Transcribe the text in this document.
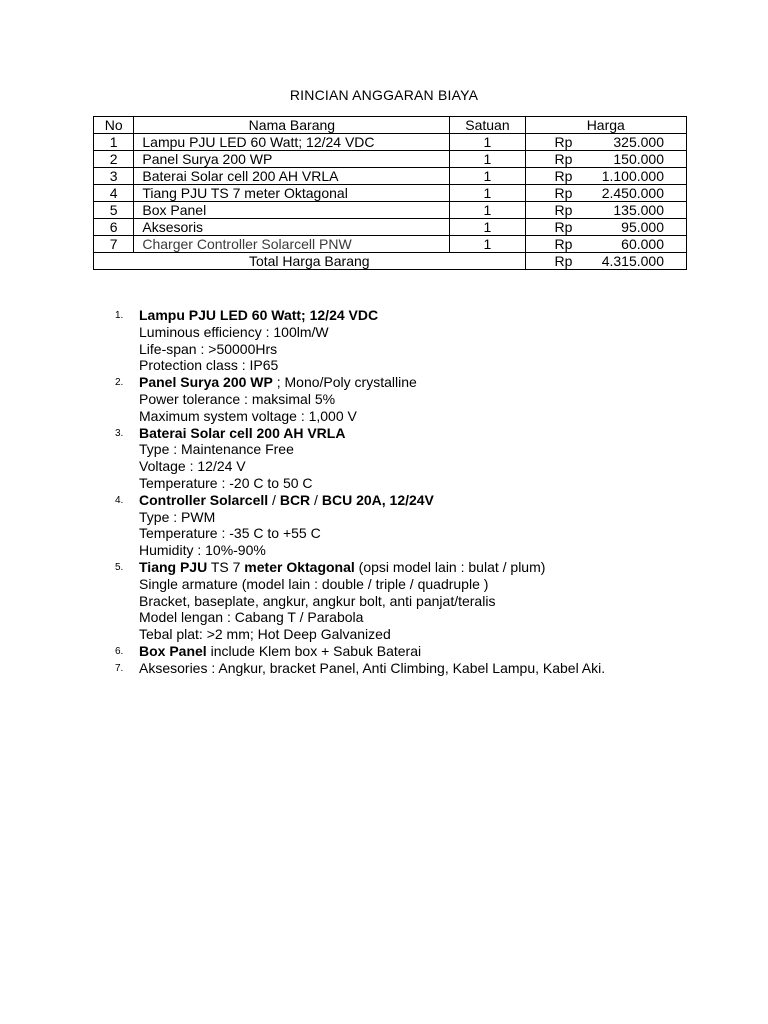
RINCIAN ANGGARAN BIAYA
No	Nama Barang	Satuan	Harga	
1	Lampu PJU LED 60 Watt; 12/24 VDC	1	Rp	325.000
2	Panel Surya 200 WP	1	Rp	150.000
3	Baterai Solar cell 200 AH VRLA	1	Rp	1.100.000
4	Tiang PJU TS 7 meter Oktagonal	1	Rp	2.450.000
5	Box Panel	1	Rp	135.000
6	Aksesoris	1	Rp	95.000
7	Charger Controller Solarcell PNW	1	Rp	60.000
Total Harga Barang			Rp	4.315.000
1. Lampu PJU LED 60 Watt; 12/24 VDC
Luminous efficiency : 100lm/W
Life-span : >50000Hrs
Protection class : IP65
2. Panel Surya 200 WP ; Mono/Poly crystalline
Power tolerance : maksimal 5%
Maximum system voltage : 1,000 V
3. Baterai Solar cell 200 AH VRLA
Type : Maintenance Free
Voltage : 12/24 V
Temperature : -20 C to 50 C
4. Controller Solarcell / BCR / BCU 20A, 12/24V
Type : PWM
Temperature : -35 C to +55 C
Humidity : 10%-90%
5. Tiang PJU TS 7 meter Oktagonal (opsi model lain : bulat / plum)
Single armature (model lain : double / triple / quadruple )
Bracket, baseplate, angkur, angkur bolt, anti panjat/teralis
Model lengan : Cabang T / Parabola
Tebal plat: >2 mm; Hot Deep Galvanized
6. Box Panel include Klem box + Sabuk Baterai
7. Aksesories : Angkur, bracket Panel, Anti Climbing, Kabel Lampu, Kabel Aki.
